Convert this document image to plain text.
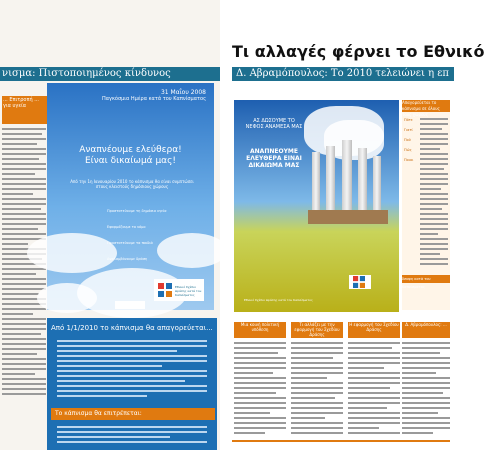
νισμα: Πιστοποιημένος κίνδυνος
... Επιτροπή ... για υγεία
31 Μαΐου 2008
Παγκόσμια Ημέρα κατά του Καπνίσματος
Αναπνέουμε ελεύθερα!
Είναι δικαίωμά μας!
Από την 1η Ιανουαρίου 2010 το κάπνισμα θα είναι συμπτώσει στους κλειστούς δημόσιους χώρους
Προστατεύουμε τη δημόσια υγεία
Εφαρμόζουμε το νόμο
Προστατεύουμε τα παιδιά
Αναλαμβάνουμε δράση
Εθνικό Σχέδιο Δράσης κατά του Καπνίσματος
Από 1/1/2010 το κάπνισμα θα απαγορεύεται...
Το κάπνισμα θα επιτρέπεται:
Τι αλλαγές φέρνει το Εθνικό
Δ. Αβραμόπουλος: Το 2010 τελειώνει η επ
ΑΣ ΔΩΣΟΥΜΕ ΤΟ ΝΕΦΟΣ ΑΝΑΜΕΣΑ ΜΑΣ
ΑΝΑΠΝΕΟΥΜΕ ΕΛΕΥΘΕΡΑ ΕΙΝΑΙ ΔΙΚΑΙΩΜΑ ΜΑΣ
Εθνικό Σχέδιο Δράσης κατά του Καπνίσματος
Απαγορεύεται το κάπνισμα σε όλους τους χώρους
Πότε
Γιατί
Πού
Πώς
Ποιοι
Άποψη κατά του Καπνίσματος
Μια κοινή πολιτική υπόθεση
Τι αλλάζει με την εφαρμογή του Σχεδίου Δράσης
Η εφαρμογή του Σχεδίου Δράσης
Δ. Αβραμόπουλος: ...
